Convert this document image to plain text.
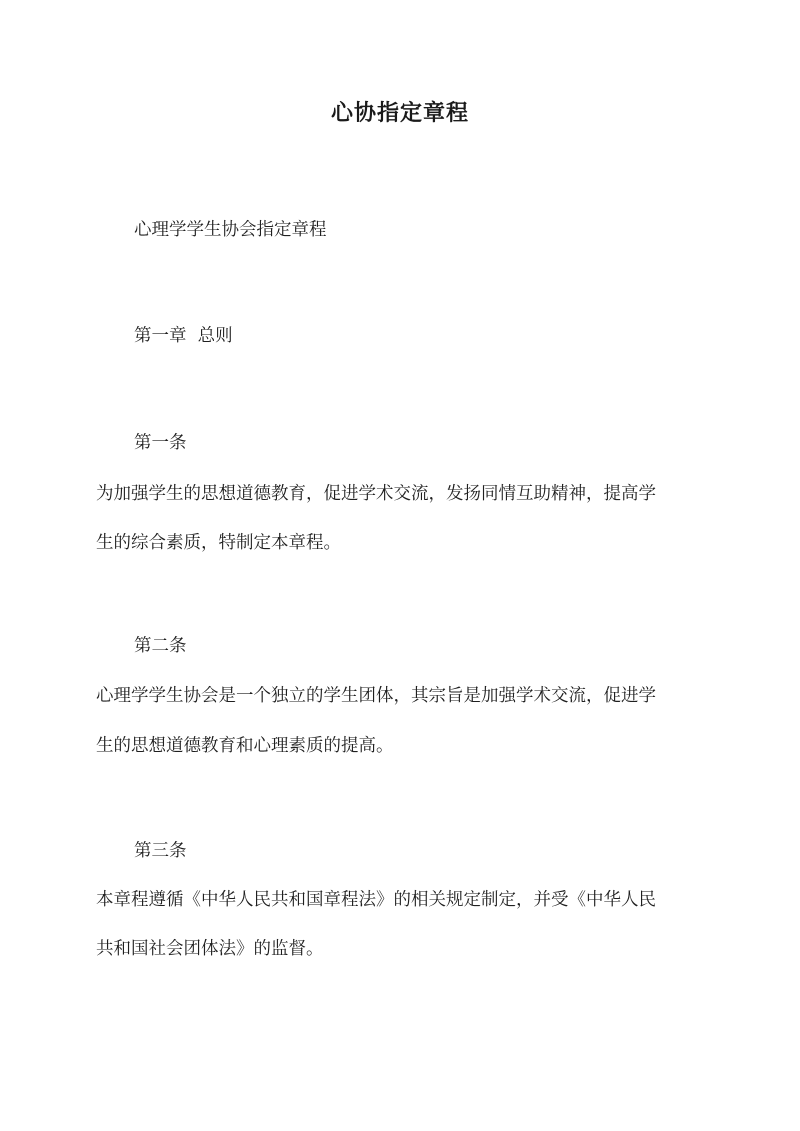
心协指定章程
心理学学生协会指定章程
第一章  总则
第一条
为加强学生的思想道德教育，促进学术交流，发扬同情互助精神，提高学
生的综合素质，特制定本章程。
第二条
心理学学生协会是一个独立的学生团体，其宗旨是加强学术交流，促进学
生的思想道德教育和心理素质的提高。
第三条
本章程遵循《中华人民共和国章程法》的相关规定制定，并受《中华人民
共和国社会团体法》的监督。
